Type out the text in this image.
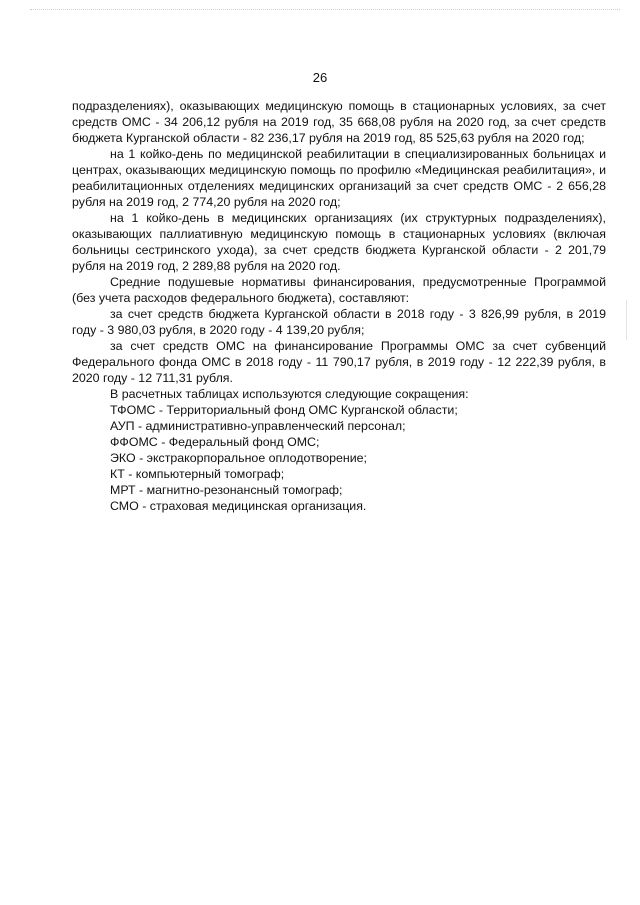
26

подразделениях), оказывающих медицинскую помощь в стационарных условиях, за счет средств ОМС - 34 206,12 рубля на 2019 год, 35 668,08 рубля на 2020 год, за счет средств бюджета Курганской области - 82 236,17 рубля на 2019 год, 85 525,63 рубля на 2020 год;

на 1 койко-день по медицинской реабилитации в специализированных больницах и центрах, оказывающих медицинскую помощь по профилю «Медицинская реабилитация», и реабилитационных отделениях медицинских организаций за счет средств ОМС - 2 656,28 рубля на 2019 год, 2 774,20 рубля на 2020 год;

на 1 койко-день в медицинских организациях (их структурных подразделениях), оказывающих паллиативную медицинскую помощь в стационарных условиях (включая больницы сестринского ухода), за счет средств бюджета Курганской области - 2 201,79 рубля на 2019 год, 2 289,88 рубля на 2020 год.

Средние подушевые нормативы финансирования, предусмотренные Программой (без учета расходов федерального бюджета), составляют:

за счет средств бюджета Курганской области в 2018 году - 3 826,99 рубля, в 2019 году - 3 980,03 рубля, в 2020 году - 4 139,20 рубля;

за счет средств ОМС на финансирование Программы ОМС за счет субвенций Федерального фонда ОМС в 2018 году - 11 790,17 рубля, в 2019 году - 12 222,39 рубля, в 2020 году - 12 711,31 рубля.

В расчетных таблицах используются следующие сокращения:

ТФОМС - Территориальный фонд ОМС Курганской области;

АУП - административно-управленческий персонал;

ФФОМС - Федеральный фонд ОМС;

ЭКО - экстракорпоральное оплодотворение;

КТ - компьютерный томограф;

МРТ - магнитно-резонансный томограф;

СМО - страховая медицинская организация.
